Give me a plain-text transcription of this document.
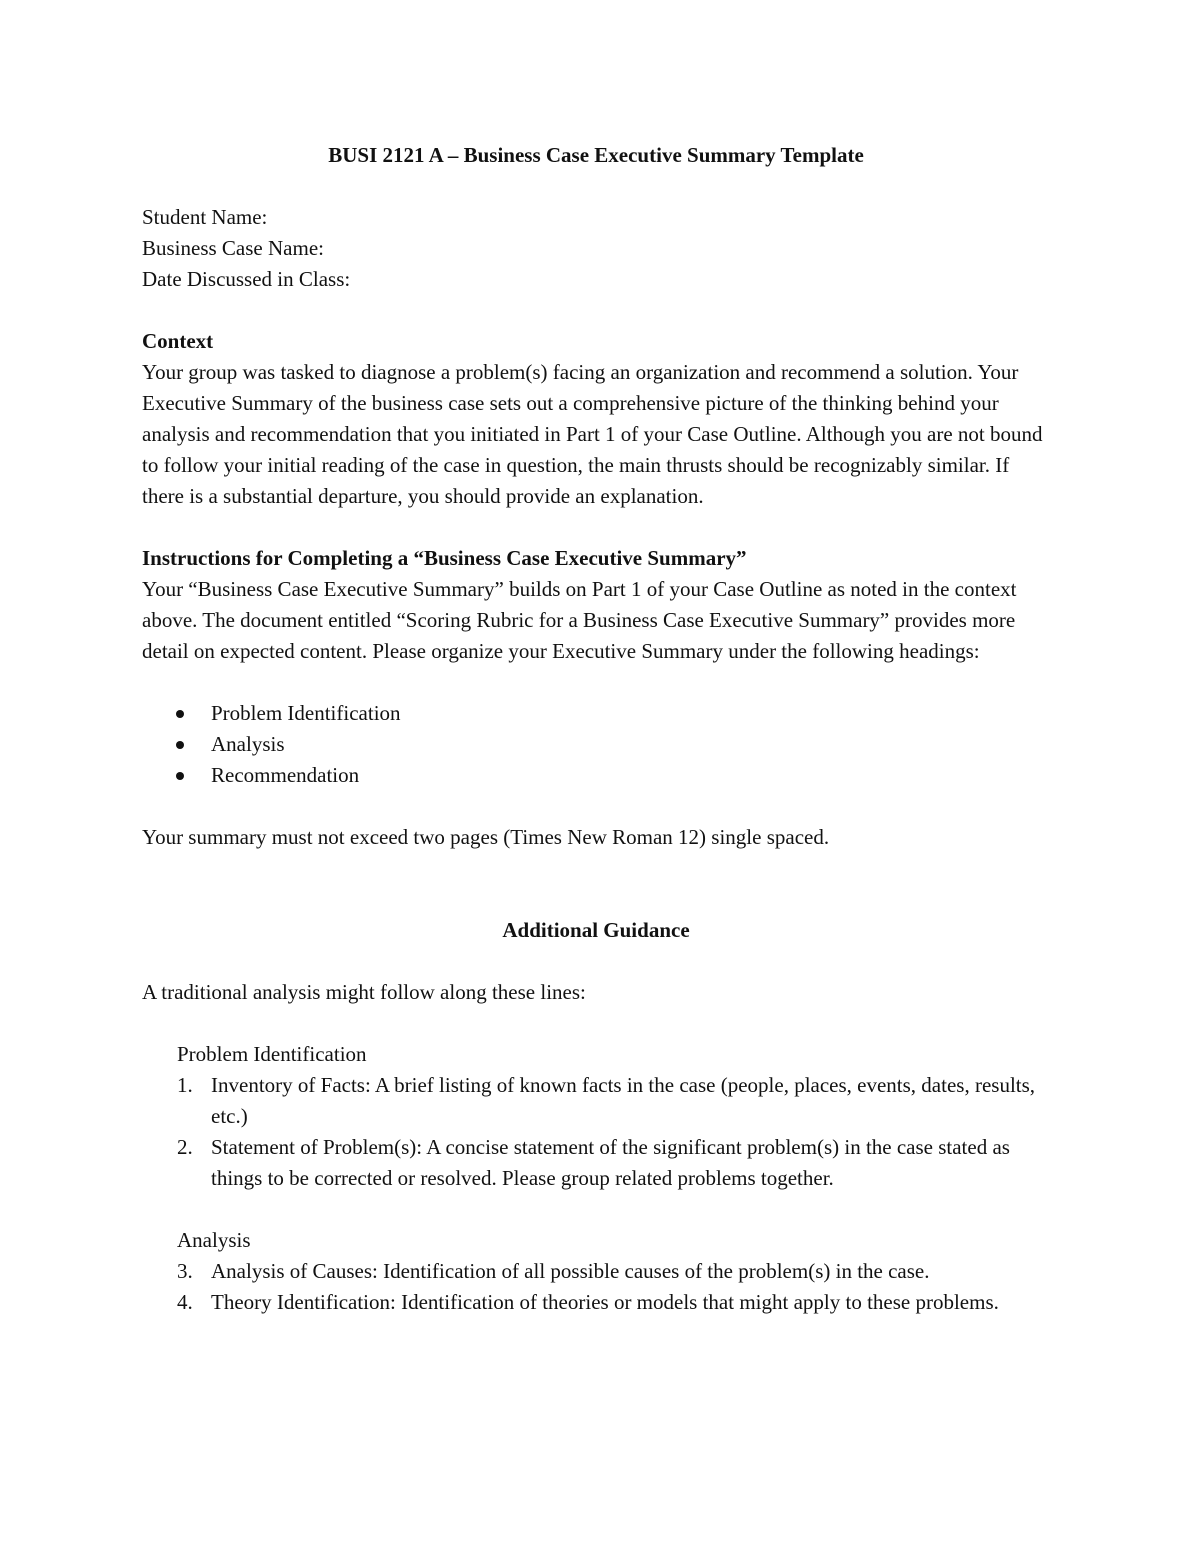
BUSI 2121 A – Business Case Executive Summary Template

Student Name:

Business Case Name:

Date Discussed in Class:

Context

Your group was tasked to diagnose a problem(s) facing an organization and recommend a solution. Your Executive Summary of the business case sets out a comprehensive picture of the thinking behind your analysis and recommendation that you initiated in Part 1 of your Case Outline. Although you are not bound to follow your initial reading of the case in question, the main thrusts should be recognizably similar. If there is a substantial departure, you should provide an explanation.

Instructions for Completing a “Business Case Executive Summary”

Your “Business Case Executive Summary” builds on Part 1 of your Case Outline as noted in the context above. The document entitled “Scoring Rubric for a Business Case Executive Summary” provides more detail on expected content. Please organize your Executive Summary under the following headings:

Problem Identification
Analysis
Recommendation

Your summary must not exceed two pages (Times New Roman 12) single spaced.

Additional Guidance

A traditional analysis might follow along these lines:

Problem Identification

1. Inventory of Facts: A brief listing of known facts in the case (people, places, events, dates, results, etc.)
2. Statement of Problem(s): A concise statement of the significant problem(s) in the case stated as things to be corrected or resolved. Please group related problems together.

Analysis

3. Analysis of Causes: Identification of all possible causes of the problem(s) in the case.
4. Theory Identification: Identification of theories or models that might apply to these problems.
